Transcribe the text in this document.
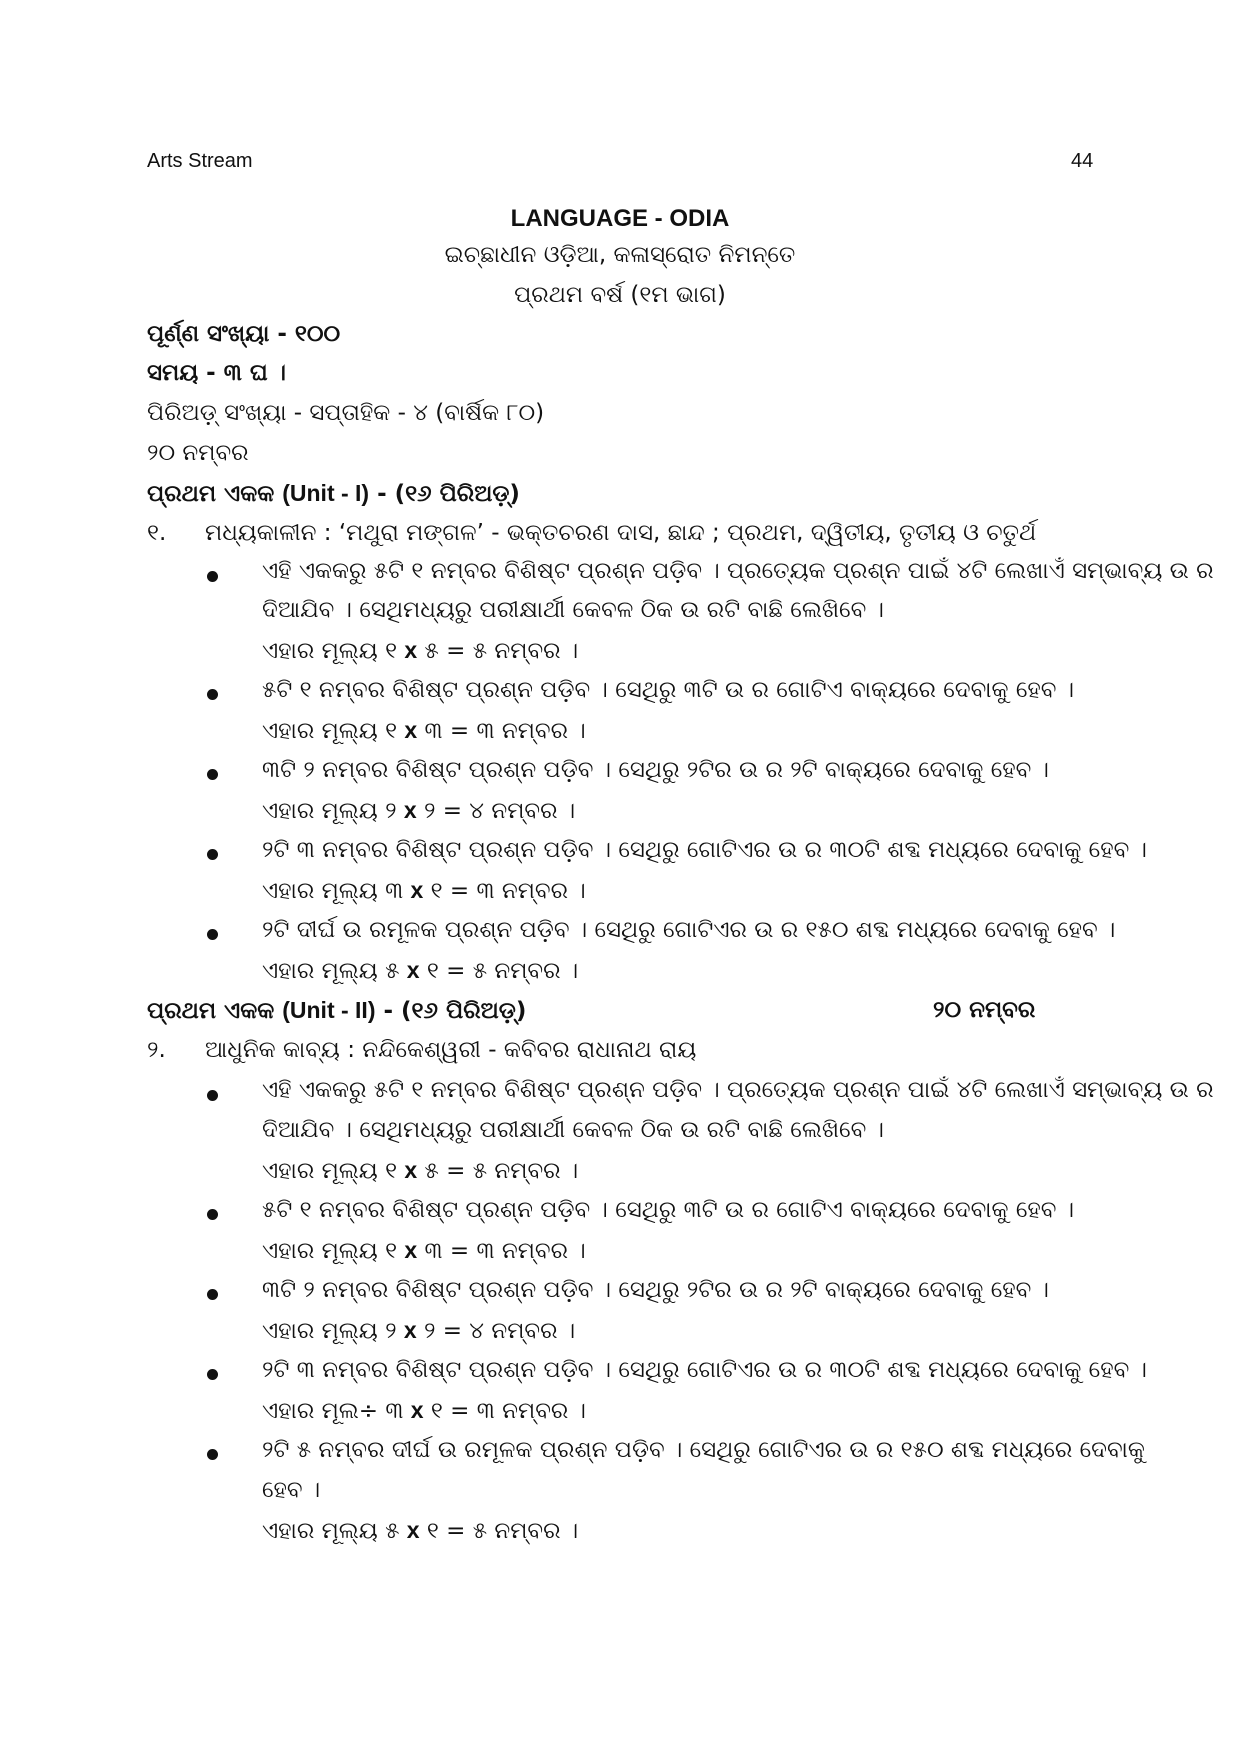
Arts Stream	44
LANGUAGE - ODIA
ଇଚ୍ଛାଧୀନ ଓଡ଼ିଆ, କଳାସ୍ରୋତ ନିମନ୍ତେ
ପ୍ରଥମ ବର୍ଷ (୧ମ ଭାଗ)
ପୂର୍ଣ୍ଣ ସଂଖ୍ୟା - ୧୦୦
ସମୟ - ୩ ଘ ।
ପିରିଅଡ଼୍ ସଂଖ୍ୟା - ସପ୍ତାହିକ - ୪ (ବାର୍ଷିକ ୮୦)
୨୦ ନମ୍ବର
ପ୍ରଥମ ଏକକ (Unit - I) - (୧୬ ପିରିଅଡ଼୍)
୧. ମଧ୍ୟକାଳୀନ : ‘ମଥୁରା ମଙ୍ଗଳ’ - ଭକ୍ତଚରଣ ଦାସ, ଛାନ୍ଦ ; ପ୍ରଥମ, ଦ୍ୱିତୀୟ, ତୃତୀୟ ଓ ଚତୁର୍ଥ
ଏହି ଏକକରୁ ୫ଟି ୧ ନମ୍ବର ବିଶିଷ୍ଟ ପ୍ରଶ୍ନ ପଡ଼ିବ । ପ୍ରତ୍ୟେକ ପ୍ରଶ୍ନ ପାଇଁ ୪ଟି ଲେଖାଏଁ ସମ୍ଭାବ୍ୟ ଉ ର
ଦିଆଯିବ । ସେଥିମଧ୍ୟରୁ ପରୀକ୍ଷାର୍ଥୀ କେବଳ ଠିକ ଉ ରଟି ବାଛି ଲେଖିବେ ।
ଏହାର ମୂଲ୍ୟ ୧ x ୫ = ୫ ନମ୍ବର ।
୫ଟି ୧ ନମ୍ବର ବିଶିଷ୍ଟ ପ୍ରଶ୍ନ ପଡ଼ିବ । ସେଥିରୁ ୩ଟି ଉ ର ଗୋଟିଏ ବାକ୍ୟରେ ଦେବାକୁ ହେବ ।
ଏହାର ମୂଲ୍ୟ ୧ x ୩ = ୩ ନମ୍ବର ।
୩ଟି ୨ ନମ୍ବର ବିଶିଷ୍ଟ ପ୍ରଶ୍ନ ପଡ଼ିବ । ସେଥିରୁ ୨ଟିର ଉ ର ୨ଟି ବାକ୍ୟରେ ଦେବାକୁ ହେବ ।
ଏହାର ମୂଲ୍ୟ ୨ x ୨ = ୪ ନମ୍ବର ।
୨ଟି ୩ ନମ୍ବର ବିଶିଷ୍ଟ ପ୍ରଶ୍ନ ପଡ଼ିବ । ସେଥିରୁ ଗୋଟିଏର ଉ ର ୩୦ଟି ଶବ୍ଦ ମଧ୍ୟରେ ଦେବାକୁ ହେବ ।
ଏହାର ମୂଲ୍ୟ ୩ x ୧ = ୩ ନମ୍ବର ।
୨ଟି ଦୀର୍ଘ ଉ ରମୂଳକ ପ୍ରଶ୍ନ ପଡ଼ିବ । ସେଥିରୁ ଗୋଟିଏର ଉ ର ୧୫୦ ଶବ୍ଦ ମଧ୍ୟରେ ଦେବାକୁ ହେବ ।
ଏହାର ମୂଲ୍ୟ ୫ x ୧ = ୫ ନମ୍ବର ।
ପ୍ରଥମ ଏକକ (Unit - II) - (୧୬ ପିରିଅଡ଼୍)	୨୦ ନମ୍ବର
୨. ଆଧୁନିକ କାବ୍ୟ : ନନ୍ଦିକେଶ୍ୱରୀ - କବିବର ରାଧାନାଥ ରାୟ
ଏହି ଏକକରୁ ୫ଟି ୧ ନମ୍ବର ବିଶିଷ୍ଟ ପ୍ରଶ୍ନ ପଡ଼ିବ । ପ୍ରତ୍ୟେକ ପ୍ରଶ୍ନ ପାଇଁ ୪ଟି ଲେଖାଏଁ ସମ୍ଭାବ୍ୟ ଉ ର
ଦିଆଯିବ । ସେଥିମଧ୍ୟରୁ ପରୀକ୍ଷାର୍ଥୀ କେବଳ ଠିକ ଉ ରଟି ବାଛି ଲେଖିବେ ।
ଏହାର ମୂଲ୍ୟ ୧ x ୫ = ୫ ନମ୍ବର ।
୫ଟି ୧ ନମ୍ବର ବିଶିଷ୍ଟ ପ୍ରଶ୍ନ ପଡ଼ିବ । ସେଥିରୁ ୩ଟି ଉ ର ଗୋଟିଏ ବାକ୍ୟରେ ଦେବାକୁ ହେବ ।
ଏହାର ମୂଲ୍ୟ ୧ x ୩ = ୩ ନମ୍ବର ।
୩ଟି ୨ ନମ୍ବର ବିଶିଷ୍ଟ ପ୍ରଶ୍ନ ପଡ଼ିବ । ସେଥିରୁ ୨ଟିର ଉ ର ୨ଟି ବାକ୍ୟରେ ଦେବାକୁ ହେବ ।
ଏହାର ମୂଲ୍ୟ ୨ x ୨ = ୪ ନମ୍ବର ।
୨ଟି ୩ ନମ୍ବର ବିଶିଷ୍ଟ ପ୍ରଶ୍ନ ପଡ଼ିବ । ସେଥିରୁ ଗୋଟିଏର ଉ ର ୩୦ଟି ଶବ୍ଦ ମଧ୍ୟରେ ଦେବାକୁ ହେବ ।
ଏହାର ମୂଲ÷ ୩ x ୧ = ୩ ନମ୍ବର ।
୨ଟି ୫ ନମ୍ବର ଦୀର୍ଘ ଉ ରମୂଳକ ପ୍ରଶ୍ନ ପଡ଼ିବ । ସେଥିରୁ ଗୋଟିଏର ଉ ର ୧୫୦ ଶବ୍ଦ ମଧ୍ୟରେ ଦେବାକୁ
ହେବ ।
ଏହାର ମୂଲ୍ୟ ୫ x ୧ = ୫ ନମ୍ବର ।
